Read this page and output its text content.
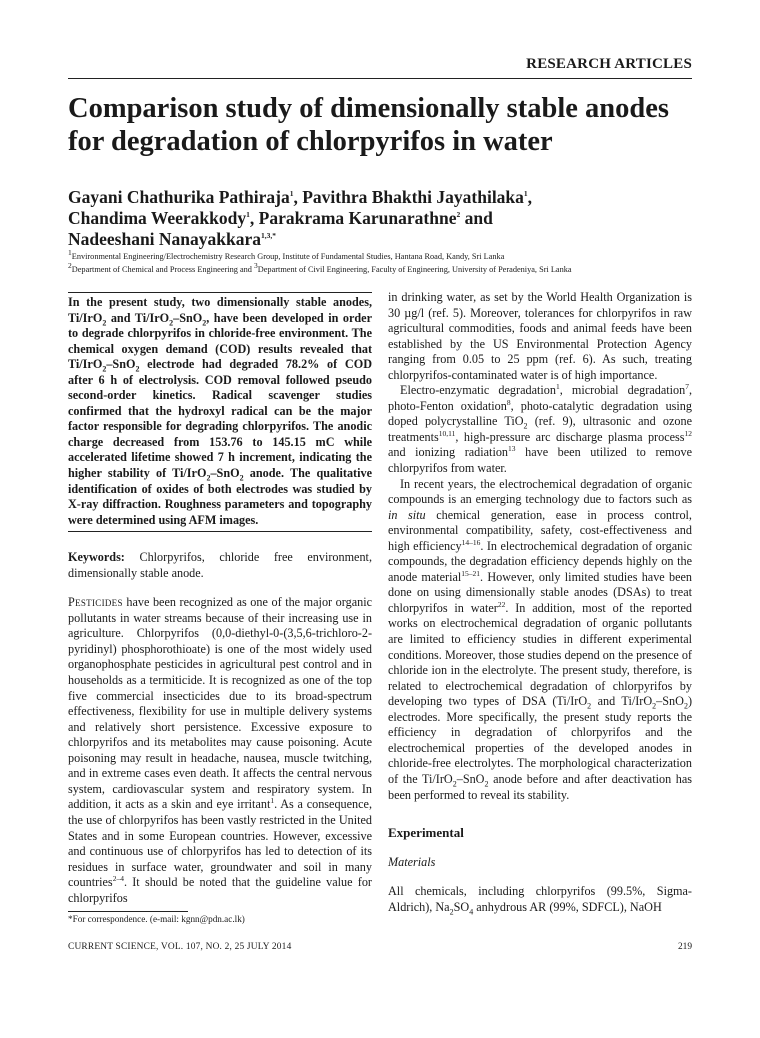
RESEARCH ARTICLES
Comparison study of dimensionally stable anodes for degradation of chlorpyrifos in water

Gayani Chathurika Pathiraja$^1$, Pavithra Bhakthi Jayathilaka$^1$,
Chandima Weerakkody$^1$, Parakrama Karunarathne$^2$ and
Nadeeshani Nanayakkara$^{1,3,*}$

$^1$Environmental Engineering/Electrochemistry Research Group, Institute of Fundamental Studies, Hantana Road, Kandy, Sri Lanka
$^2$Department of Chemical and Process Engineering and $^3$Department of Civil Engineering, Faculty of Engineering, University of Peradeniya, Sri Lanka

In the present study, two dimensionally stable anodes, Ti/IrO$_2$ and Ti/IrO$_2$–SnO$_2$, have been developed in order to degrade chlorpyrifos in chloride-free environment. The chemical oxygen demand (COD) results revealed that Ti/IrO$_2$–SnO$_2$ electrode had degraded 78.2% of COD after 6 h of electrolysis. COD removal followed pseudo second-order kinetics. Radical scavenger studies confirmed that the hydroxyl radical can be the major factor responsible for degrading chlorpyrifos. The anodic charge decreased from 153.76 to 145.15 mC while accelerated lifetime showed 7 h increment, indicating the higher stability of Ti/IrO$_2$–SnO$_2$ anode. The qualitative identification of oxides of both electrodes was studied by X-ray diffraction. Roughness parameters and topography were determined using AFM images.

Keywords: Chlorpyrifos, chloride free environment, dimensionally stable anode.

Pesticides have been recognized as one of the major organic pollutants in water streams because of their increasing use in agriculture. Chlorpyrifos (0,0-diethyl-0-(3,5,6-trichloro-2-pyridinyl) phosphorothioate) is one of the most widely used organophosphate pesticides in agricultural pest control and in households as a termiticide. It is recognized as one of the top five commercial insecticides due to its broad-spectrum effectiveness, flexibility for use in multiple delivery systems and relatively short persistence. Excessive exposure to chlorpyrifos and its metabolites may cause poisoning. Acute poisoning may result in headache, nausea, muscle twitching, and in extreme cases even death. It affects the central nervous system, cardiovascular system and respiratory system. In addition, it acts as a skin and eye irritant$^1$. As a consequence, the use of chlorpyrifos has been vastly restricted in the United States and in some European countries. However, excessive and continuous use of chlorpyrifos has led to detection of its residues in surface water, groundwater and soil in many countries$^{2-4}$. It should be noted that the guideline value for chlorpyrifos

in drinking water, as set by the World Health Organization is 30 µg/l (ref. 5). Moreover, tolerances for chlorpyrifos in raw agricultural commodities, foods and animal feeds have been established by the US Environmental Protection Agency ranging from 0.05 to 25 ppm (ref. 6). As such, treating chlorpyrifos-contaminated water is of high importance.

Electro-enzymatic degradation$^1$, microbial degradation$^7$, photo-Fenton oxidation$^8$, photo-catalytic degradation using doped polycrystalline TiO$_2$ (ref. 9), ultrasonic and ozone treatments$^{10,11}$, high-pressure arc discharge plasma process$^{12}$ and ionizing radiation$^{13}$ have been utilized to remove chlorpyrifos from water.

In recent years, the electrochemical degradation of organic compounds is an emerging technology due to factors such as in situ chemical generation, ease in process control, environmental compatibility, safety, cost-effectiveness and high efficiency$^{14-16}$. In electrochemical degradation of organic compounds, the degradation efficiency depends highly on the anode material$^{15-21}$. However, only limited studies have been done on using dimensionally stable anodes (DSAs) to treat chlorpyrifos in water$^{22}$. In addition, most of the reported works on electrochemical degradation of organic pollutants are limited to efficiency studies in different experimental conditions. Moreover, those studies depend on the presence of chloride ion in the electrolyte. The present study, therefore, is related to electrochemical degradation of chlorpyrifos by developing two types of DSA (Ti/IrO$_2$ and Ti/IrO$_2$–SnO$_2$) electrodes. More specifically, the present study reports the efficiency in degradation of chlorpyrifos and the electrochemical properties of the developed anodes in chloride-free electrolytes. The morphological characterization of the Ti/IrO$_2$–SnO$_2$ anode before and after deactivation has been performed to reveal its stability.

Experimental

Materials

All chemicals, including chlorpyrifos (99.5%, Sigma-Aldrich), $Na_2SO_4$ anhydrous AR (99%, SDFCL), NaOH

*For correspondence. (e-mail: kgnn@pdn.ac.lk)
CURRENT SCIENCE, VOL. 107, NO. 2, 25 JULY 2014	219
